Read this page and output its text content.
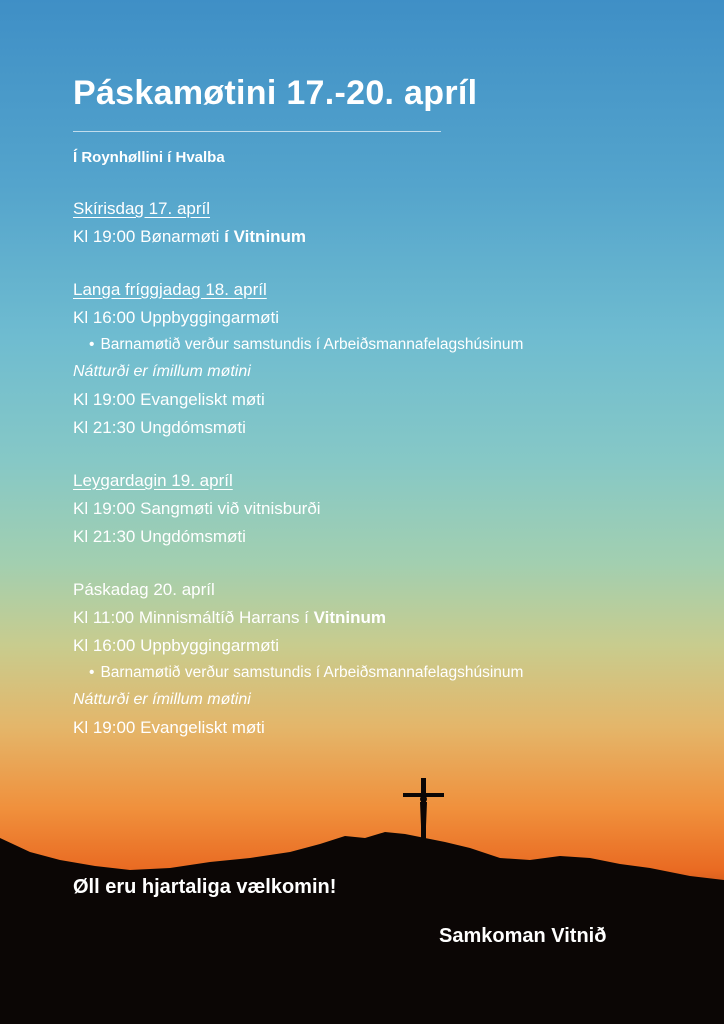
Páskamøtini 17.-20. apríl
Í Roynhøllini í Hvalba
Skírisdag 17. apríl
Kl 19:00 Bønarmøti í Vitninum
Langa fríggjadag 18. apríl
Kl 16:00 Uppbyggingarmøti
• Barnamøtið verður samstundis í Arbeiðsmannafelagshúsinum
Nátturði er ímillum møtini
Kl 19:00 Evangeliskt møti
Kl 21:30 Ungdómsmøti
Leygardagin 19. apríl
Kl 19:00 Sangmøti við vitnisburði
Kl 21:30 Ungdómsmøti
Páskadag 20. apríl
Kl 11:00 Minnismáltíð Harrans í Vitninum
Kl 16:00 Uppbyggingarmøti
• Barnamøtið verður samstundis í Arbeiðsmannafelagshúsinum
Nátturði er ímillum møtini
Kl 19:00 Evangeliskt møti
Øll eru hjartaliga vælkomin!
Samkoman Vitnið
